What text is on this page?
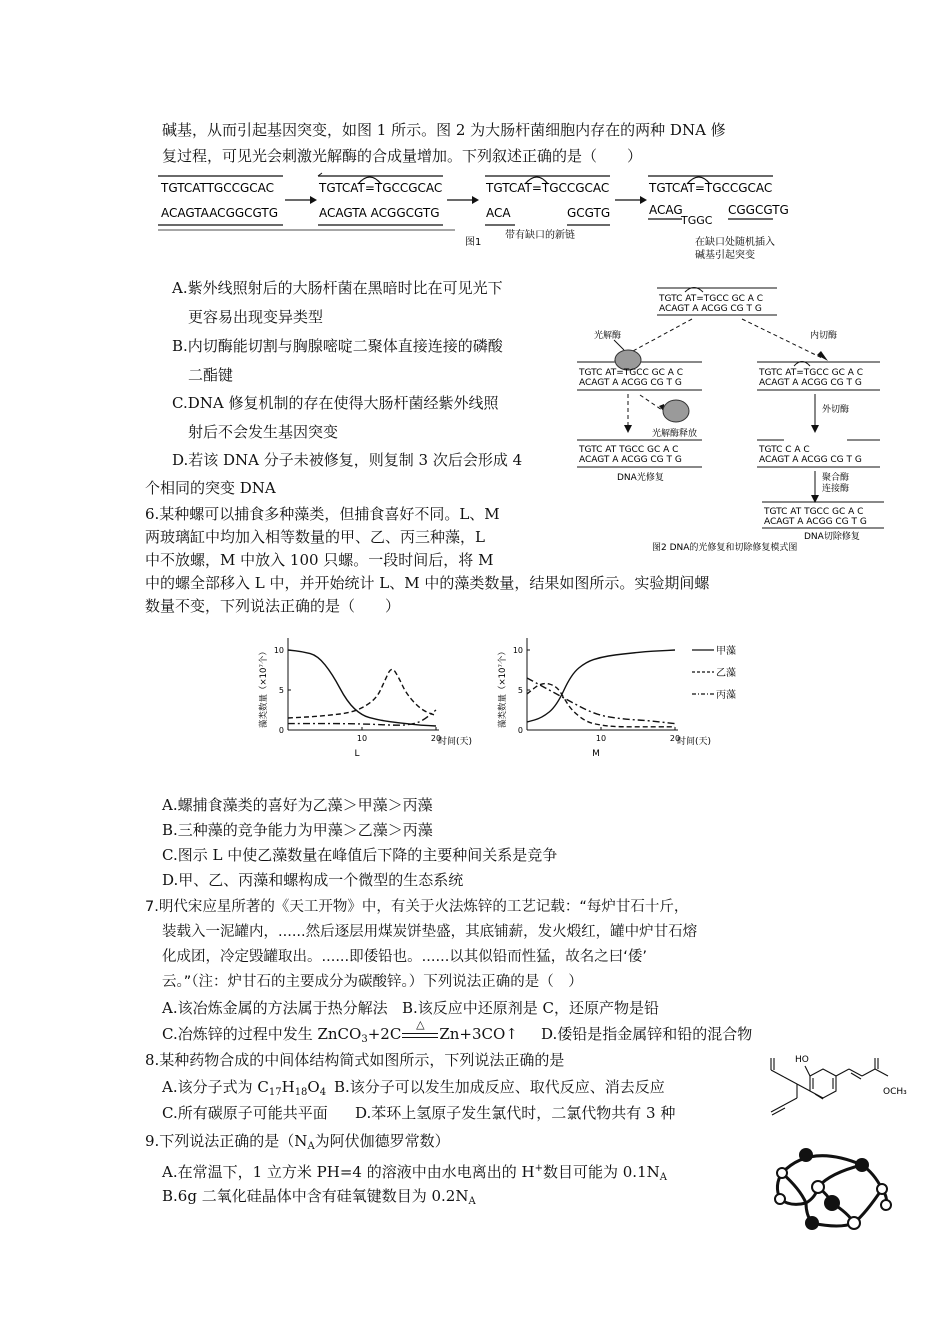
碱基，从而引起基因突变，如图 1 所示。图 2 为大肠杆菌细胞内存在的两种 DNA 修
复过程，可见光会刺激光解酶的合成量增加。下列叙述正确的是（　　）
TGTCATTGCCGCAC
ACAGTAACGGCGTG
TGTCAT=TGCCGCAC
ACAGTA ACGGCGTG
TGTCAT=TGCCGCAC
ACA	GCGTG
带有缺口的新链
TGTCAT=TGCCGCAC
ACAG
TGGC
CGGCGTG
在缺口处随机插入
碱基引起突变
图1
A.紫外线照射后的大肠杆菌在黑暗时比在可见光下
更容易出现变异类型
B.内切酶能切割与胸腺嘧啶二聚体直接连接的磷酸
二酯键
C.DNA 修复机制的存在使得大肠杆菌经紫外线照
射后不会发生基因突变
D.若该 DNA 分子未被修复，则复制 3 次后会形成 4
个相同的突变 DNA
TGTC AT=TGCC GC A C
ACAGT A ACGG CG T G
光解酶
TGTC AT=TGCC GC A C
ACAGT A ACGG CG T G
光解酶释放
TGTC AT TGCC GC A C
ACAGT A ACGG CG T G
DNA光修复
内切酶
TGTC AT=TGCC GC A C
ACAGT A ACGG CG T G
外切酶
TGTC C A C
ACAGT A ACGG CG T G
聚合酶
连接酶
TGTC AT TGCC GC A C
ACAGT A ACGG CG T G
DNA切除修复
图2 DNA的光修复和切除修复模式图
6.某种螺可以捕食多种藻类，但捕食喜好不同。L、M
两玻璃缸中均加入相等数量的甲、乙、丙三种藻，L
中不放螺，M 中放入 100 只螺。一段时间后，将 M
中的螺全部移入 L 中，并开始统计 L、M 中的藻类数量，结果如图所示。实验期间螺
数量不变，下列说法正确的是（　　）
0
5
10
10	20
时间(天)
藻类数量（×10⁷个）
L
0
5
10
10	20
时间(天)
藻类数量（×10⁷个）
M
甲藻
乙藻
丙藻
A.螺捕食藻类的喜好为乙藻＞甲藻＞丙藻
B.三种藻的竞争能力为甲藻＞乙藻＞丙藻
C.图示 L 中使乙藻数量在峰值后下降的主要种间关系是竞争
D.甲、乙、丙藻和螺构成一个微型的生态系统
7.明代宋应星所著的《天工开物》中，有关于火法炼锌的工艺记载：“每炉甘石十斤，
装载入一泥罐内，......然后逐层用煤炭饼垫盛，其底铺薪，发火煅红，罐中炉甘石熔
化成团，冷定毁罐取出。......即倭铅也。......以其似铅而性猛，故名之曰‘倭’
云。”（注：炉甘石的主要成分为碳酸锌。）下列说法正确的是（　）
A.该冶炼金属的方法属于热分解法 B.该反应中还原剂是 C，还原产物是铅
C.冶炼锌的过程中发生 ZnCO$_3$+2C
△
Zn+3CO↑ D.倭铅是指金属锌和铅的混合物
8.某种药物合成的中间体结构简式如图所示，下列说法正确的是
A.该分子式为 $C_{17}H_{18}O_4$ B.该分子可以发生加成反应、取代反应、消去反应
C.所有碳原子可能共平面 D.苯环上氢原子发生氯代时，二氯代物共有 3 种
HO
OCH₃
9.下列说法正确的是（$N_A$为阿伏伽德罗常数）
A.在常温下，1 立方米 PH=4 的溶液中由水电离出的 H+数目可能为 $0.1N_A$
B.6g 二氧化硅晶体中含有硅氧键数目为 $0.2N_A$
